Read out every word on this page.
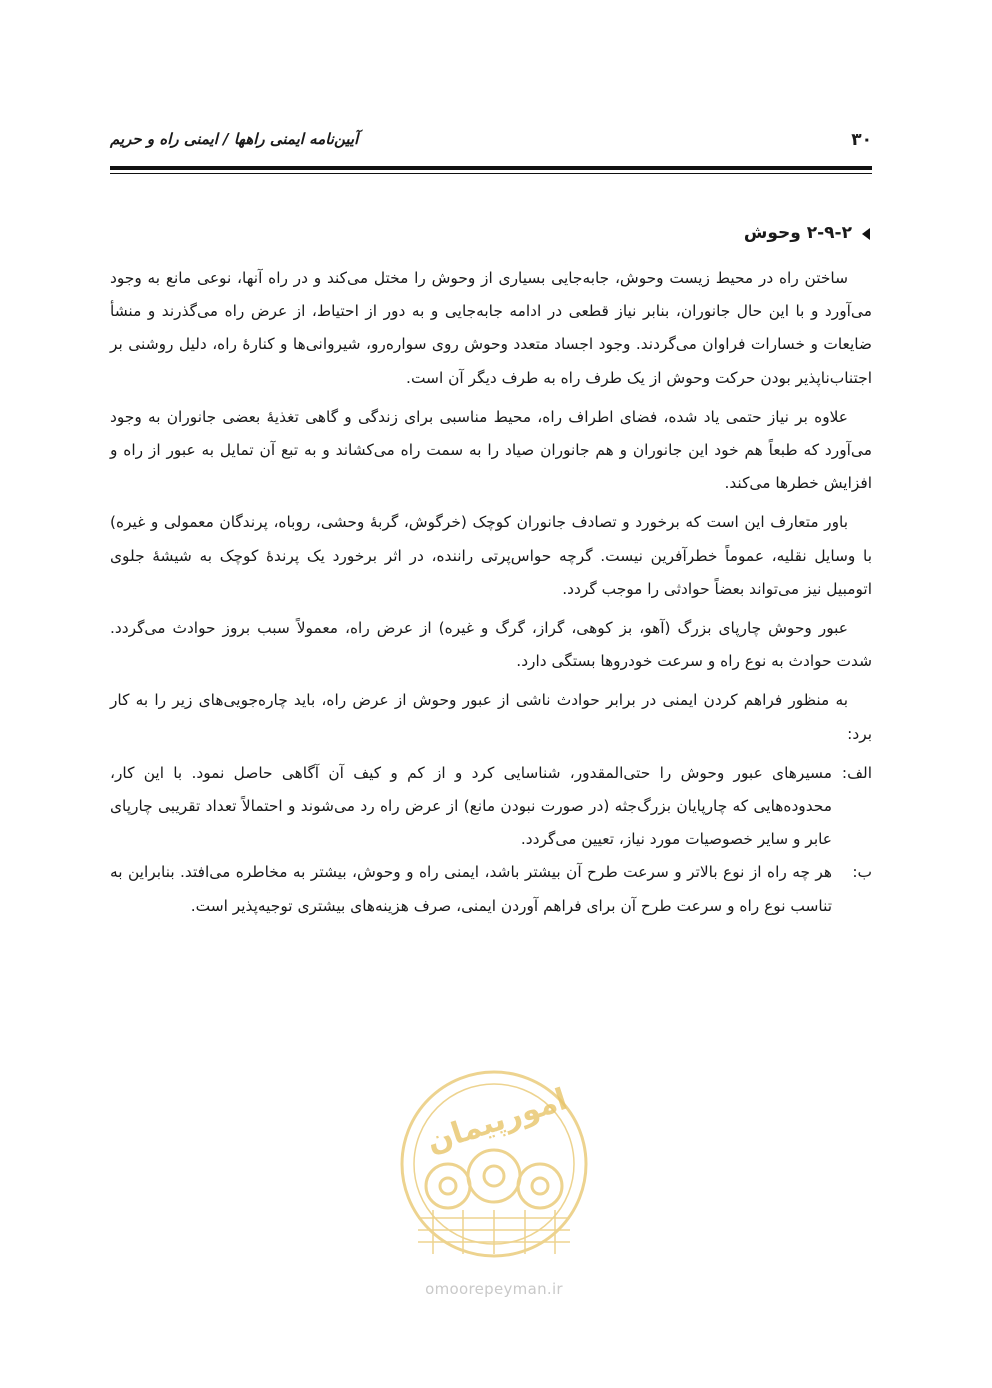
۳۰
آیین‌نامه ایمنی راهها / ایمنی راه و حریم
۲-۹-۲ وحوش

ساختن راه در محیط زیست وحوش، جابه‌جایی بسیاری از وحوش را مختل می‌کند و در راه آنها، نوعی مانع به وجود می‌آورد و با این حال جانوران، بنابر نیاز قطعی در ادامه جابه‌جایی و به دور از احتیاط، از عرض راه می‌گذرند و منشأ ضایعات و خسارات فراوان می‌گردند. وجود اجساد متعدد وحوش روی سواره‌رو، شیروانی‌ها و کنارهٔ راه، دلیل روشنی بر اجتناب‌ناپذیر بودن حرکت وحوش از یک طرف راه به طرف دیگر آن است.

علاوه بر نیاز حتمی یاد شده، فضای اطراف راه، محیط مناسبی برای زندگی و گاهی تغذیهٔ بعضی جانوران به وجود می‌آورد که طبعاً هم خود این جانوران و هم جانوران صیاد را به سمت راه می‌کشاند و به تبع آن تمایل به عبور از راه و افزایش خطرها می‌کند.

باور متعارف این است که برخورد و تصادف جانوران کوچک (خرگوش، گربهٔ وحشی، روباه، پرندگان معمولی و غیره) با وسایل نقلیه، عموماً خطرآفرین نیست. گرچه حواس‌پرتی راننده، در اثر برخورد یک پرندهٔ کوچک به شیشهٔ جلوی اتومبیل نیز می‌تواند بعضاً حوادثی را موجب گردد.

عبور وحوش چارپای بزرگ (آهو، بز کوهی، گراز، گرگ و غیره) از عرض راه، معمولاً سبب بروز حوادث می‌گردد. شدت حوادث به نوع راه و سرعت خودروها بستگی دارد.

به منظور فراهم کردن ایمنی در برابر حوادث ناشی از عبور وحوش از عرض راه، باید چاره‌جویی‌های زیر را به کار برد:

الف:
مسیرهای عبور وحوش را حتی‌المقدور، شناسایی کرد و از کم و کیف آن آگاهی حاصل نمود. با این کار، محدوده‌هایی که چارپایان بزرگ‌جثه (در صورت نبودن مانع) از عرض راه رد می‌شوند و احتمالاً تعداد تقریبی چارپای عابر و سایر خصوصیات مورد نیاز، تعیین می‌گردد.
ب:
هر چه راه از نوع بالاتر و سرعت طرح آن بیشتر باشد، ایمنی راه و وحوش، بیشتر به مخاطره می‌افتد. بنابراین به تناسب نوع راه و سرعت طرح آن برای فراهم آوردن ایمنی، صرف هزینه‌های بیشتری توجیه‌پذیر است.
امورپیمان
omoorepeyman.ir
